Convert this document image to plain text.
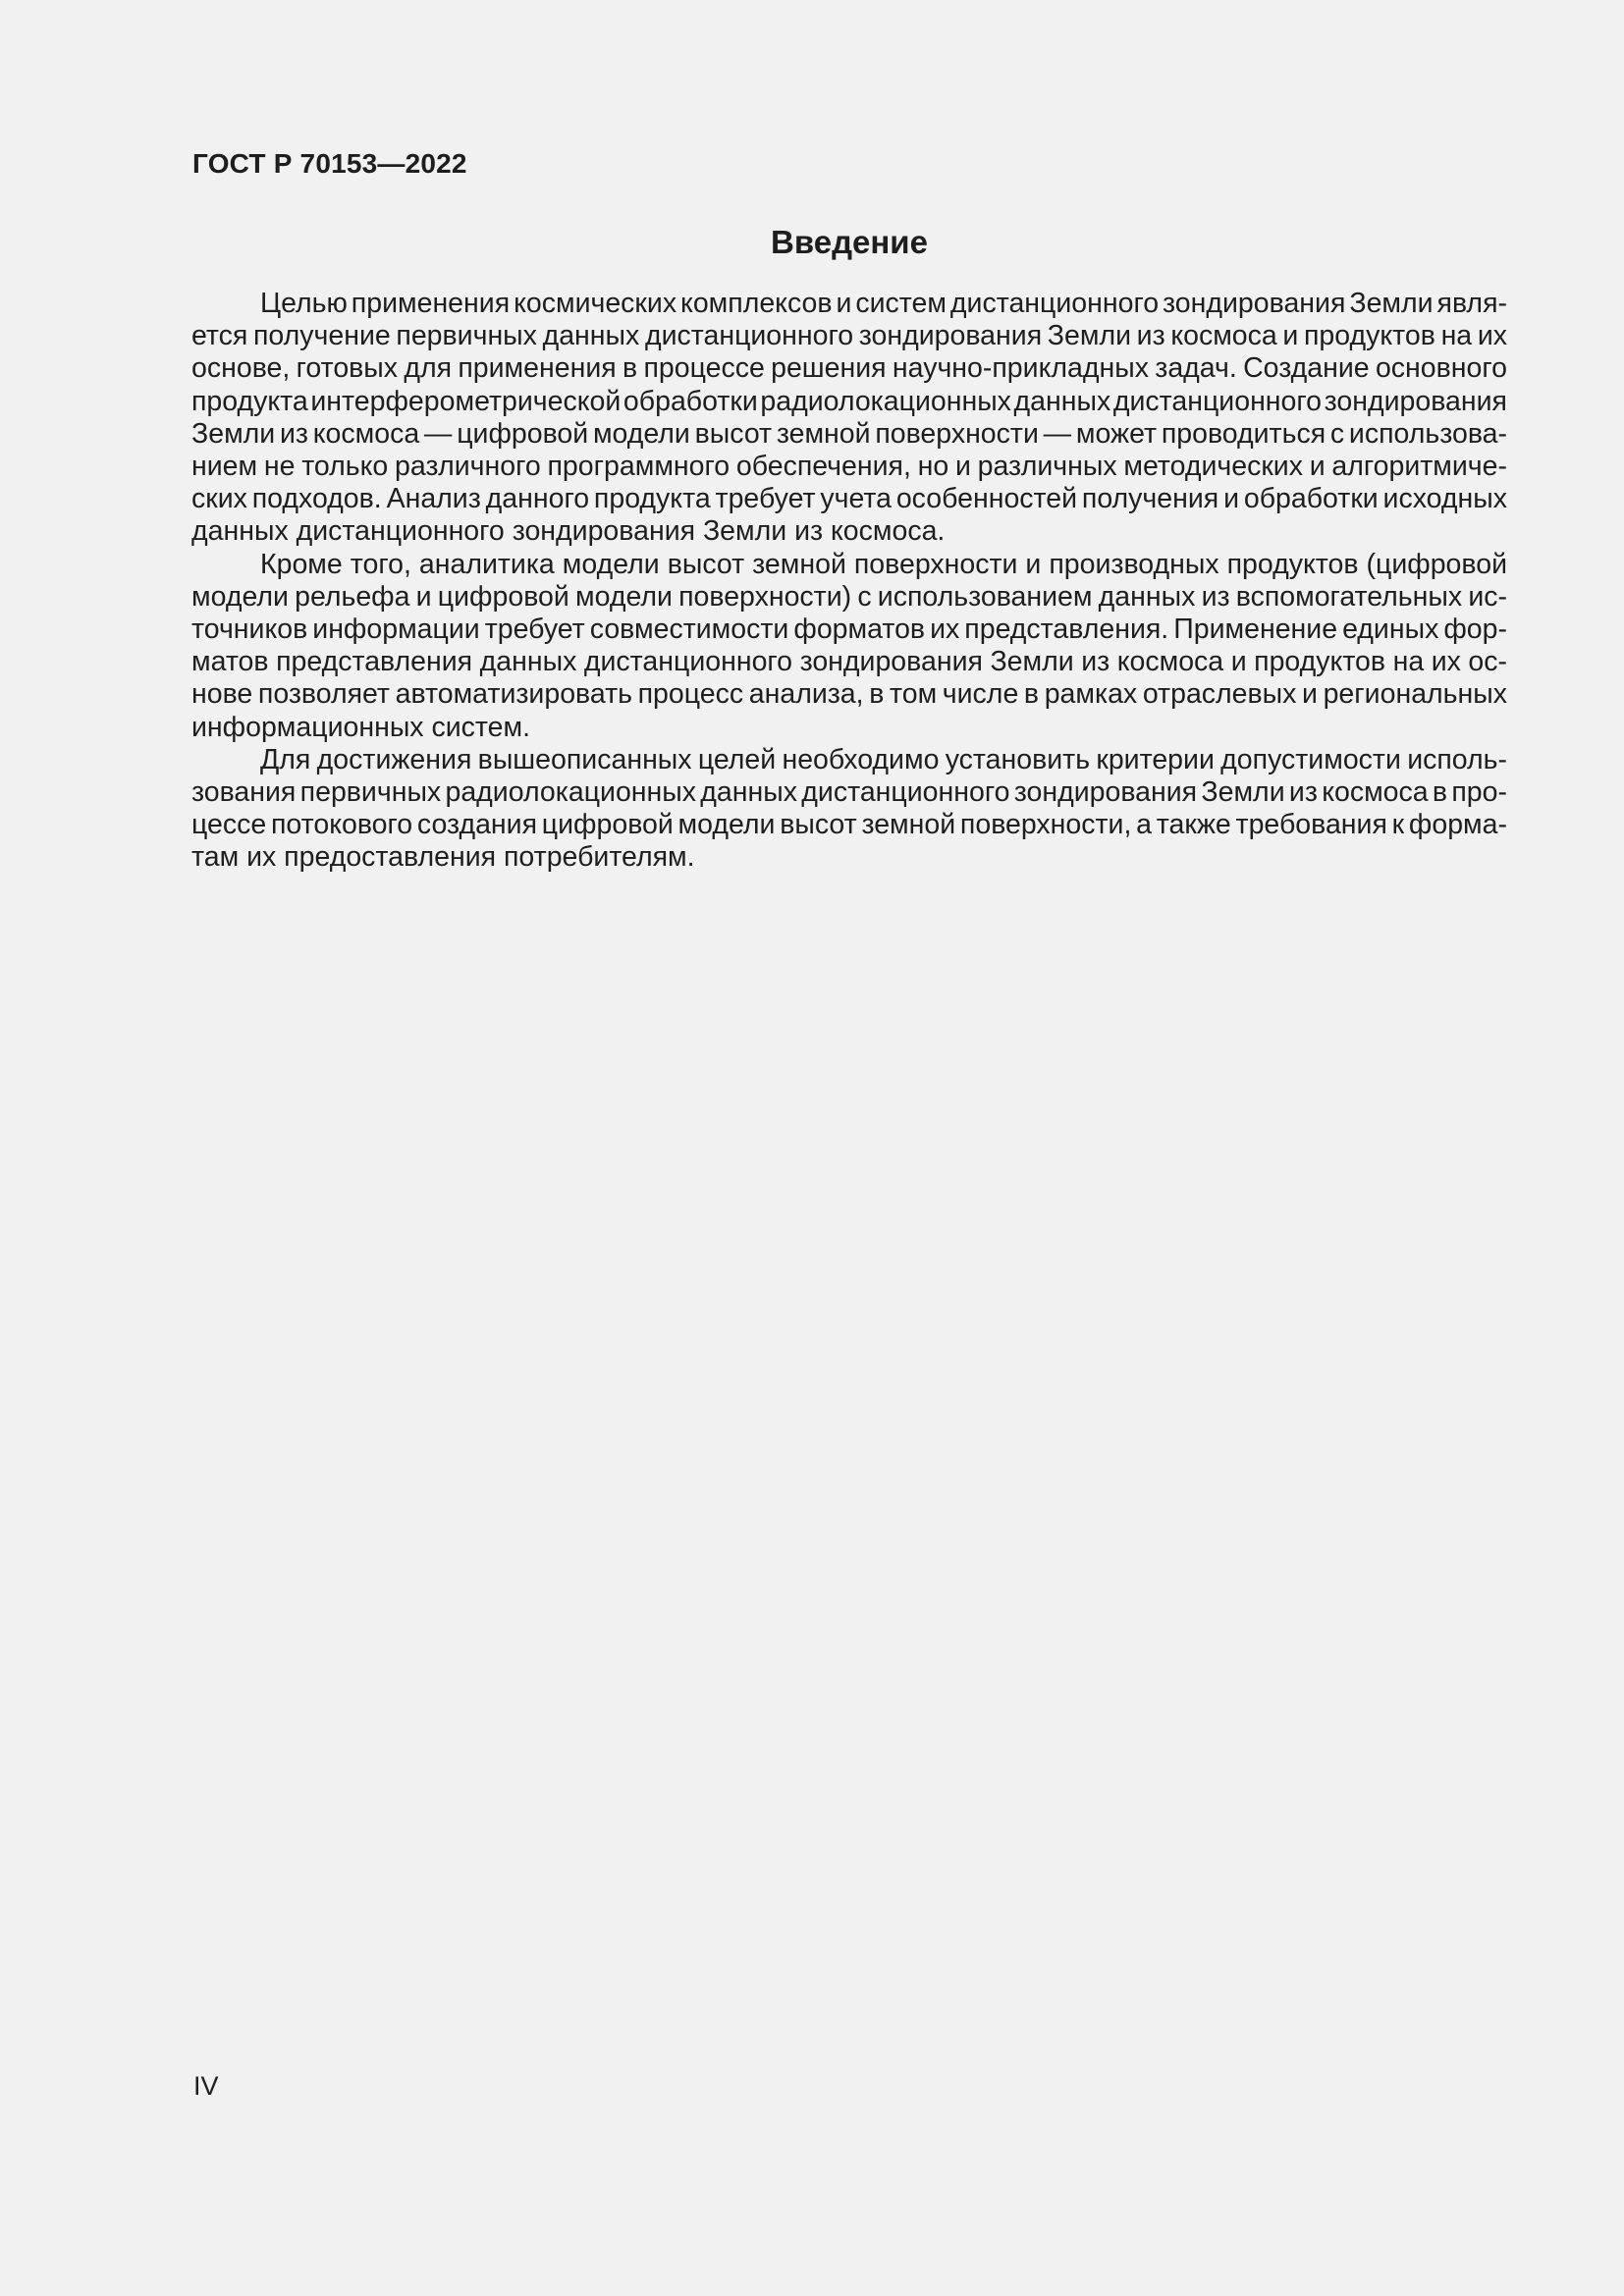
ГОСТ Р 70153—2022
Введение

Целью применения космических комплексов и систем дистанционного зондирования Земли явля-
ется получение первичных данных дистанционного зондирования Земли из космоса и продуктов на их
основе, готовых для применения в процессе решения научно-прикладных задач. Создание основного
продукта интерферометрической обработки радиолокационных данных дистанционного зондирования
Земли из космоса — цифровой модели высот земной поверхности — может проводиться с использова-
нием не только различного программного обеспечения, но и различных методических и алгоритмиче-
ских подходов. Анализ данного продукта требует учета особенностей получения и обработки исходных
данных дистанционного зондирования Земли из космоса.

Кроме того, аналитика модели высот земной поверхности и производных продуктов (цифровой
модели рельефа и цифровой модели поверхности) с использованием данных из вспомогательных ис-
точников информации требует совместимости форматов их представления. Применение единых фор-
матов представления данных дистанционного зондирования Земли из космоса и продуктов на их ос-
нове позволяет автоматизировать процесс анализа, в том числе в рамках отраслевых и региональных
информационных систем.

Для достижения вышеописанных целей необходимо установить критерии допустимости исполь-
зования первичных радиолокационных данных дистанционного зондирования Земли из космоса в про-
цессе потокового создания цифровой модели высот земной поверхности, а также требования к форма-
там их предоставления потребителям.

IV
